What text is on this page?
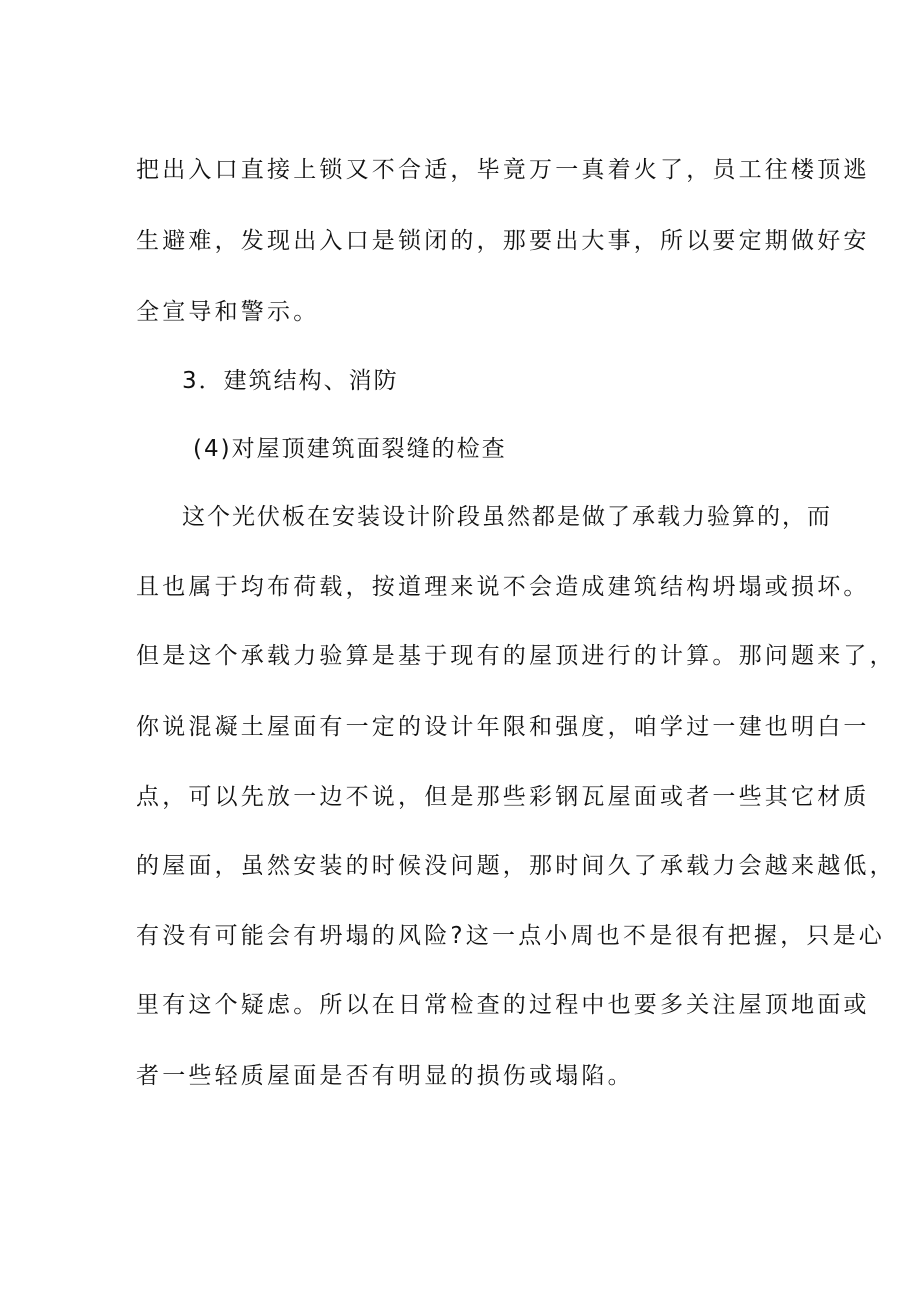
把出入口直接上锁又不合适，毕竟万一真着火了，员工往楼顶逃
生避难，发现出入口是锁闭的，那要出大事，所以要定期做好安
全宣导和警示。
3．建筑结构、消防
(4)对屋顶建筑面裂缝的检查
这个光伏板在安装设计阶段虽然都是做了承载力验算的，而
且也属于均布荷载，按道理来说不会造成建筑结构坍塌或损坏。
但是这个承载力验算是基于现有的屋顶进行的计算。那问题来了，
你说混凝土屋面有一定的设计年限和强度，咱学过一建也明白一
点，可以先放一边不说，但是那些彩钢瓦屋面或者一些其它材质
的屋面，虽然安装的时候没问题，那时间久了承载力会越来越低，
有没有可能会有坍塌的风险?这一点小周也不是很有把握，只是心
里有这个疑虑。所以在日常检查的过程中也要多关注屋顶地面或
者一些轻质屋面是否有明显的损伤或塌陷。
